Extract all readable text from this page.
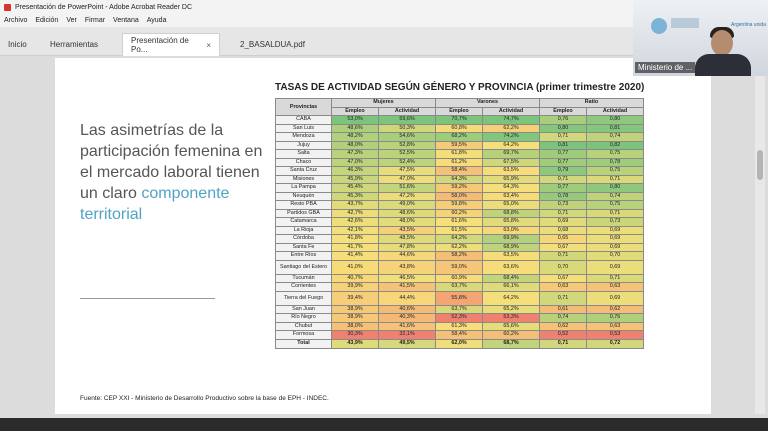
Presentación de PowerPoint - Adobe Acrobat Reader DC
Archivo Edición Ver Firmar Ventana Ayuda
Inicio	Herramientas	Presentación de Po...	×	2_BASALDUA.pdf
Las asimetrías de la participación femenina en el mercado laboral tienen un claro componente territorial
TASAS DE ACTIVIDAD SEGÚN GÉNERO Y PROVINCIA (primer trimestre 2020)
Provincias	Mujeres		Varones		Ratio	
	Empleo	Actividad	Empleo	Actividad	Empleo	Actividad
CABA	53,0%	59,6%	70,7%	74,7%	0,76	0,80
San Luis	48,6%	50,3%	60,8%	62,2%	0,80	0,81
Mendoza	48,2%	54,6%	68,2%	74,2%	0,71	0,74
Jujuy	48,0%	52,8%	59,5%	64,2%	0,81	0,82
Salta	47,3%	52,5%	61,8%	69,7%	0,77	0,75
Chaco	47,0%	52,4%	61,2%	67,5%	0,77	0,78
Santa Cruz	46,3%	47,5%	58,4%	63,5%	0,79	0,75
Misiones	45,9%	47,0%	64,3%	65,9%	0,71	0,71
La Pampa	45,4%	51,6%	59,2%	64,3%	0,77	0,80
Neuquén	45,3%	47,2%	58,0%	63,4%	0,78	0,74
Resto PBA	43,7%	49,0%	59,8%	65,0%	0,73	0,75
Partidos GBA	42,7%	48,6%	60,2%	68,8%	0,71	0,71
Catamarca	42,6%	48,0%	61,6%	65,8%	0,69	0,73
La Rioja	42,1%	43,5%	61,5%	63,0%	0,68	0,69
Córdoba	41,8%	48,5%	64,2%	69,9%	0,65	0,69
Santa Fe	41,7%	47,8%	62,2%	68,9%	0,67	0,69
Entre Ríos	41,4%	44,6%	58,2%	63,5%	0,71	0,70
Santiago del Estero	41,0%	43,8%	59,0%	63,6%	0,70	0,69
Tucumán	40,7%	46,5%	60,9%	68,4%	0,67	0,71
Corrientes	39,9%	41,5%	63,7%	66,1%	0,63	0,63
Tierra del Fuego	39,4%	44,4%	55,8%	64,2%	0,71	0,69
San Juan	38,9%	40,6%	63,7%	65,2%	0,61	0,62
Río Negro	38,9%	40,3%	52,3%	53,3%	0,74	0,76
Chubut	38,0%	41,6%	61,3%	65,6%	0,62	0,63
Formosa	30,3%	32,1%	58,4%	60,2%	0,52	0,53
Total	43,9%	49,5%	62,0%	68,7%	0,71	0,72
Fuente: CEP XXI - Ministerio de Desarrollo Productivo sobre la base de EPH - INDEC.
Argentina unida
Ministerio de ...
zoom
